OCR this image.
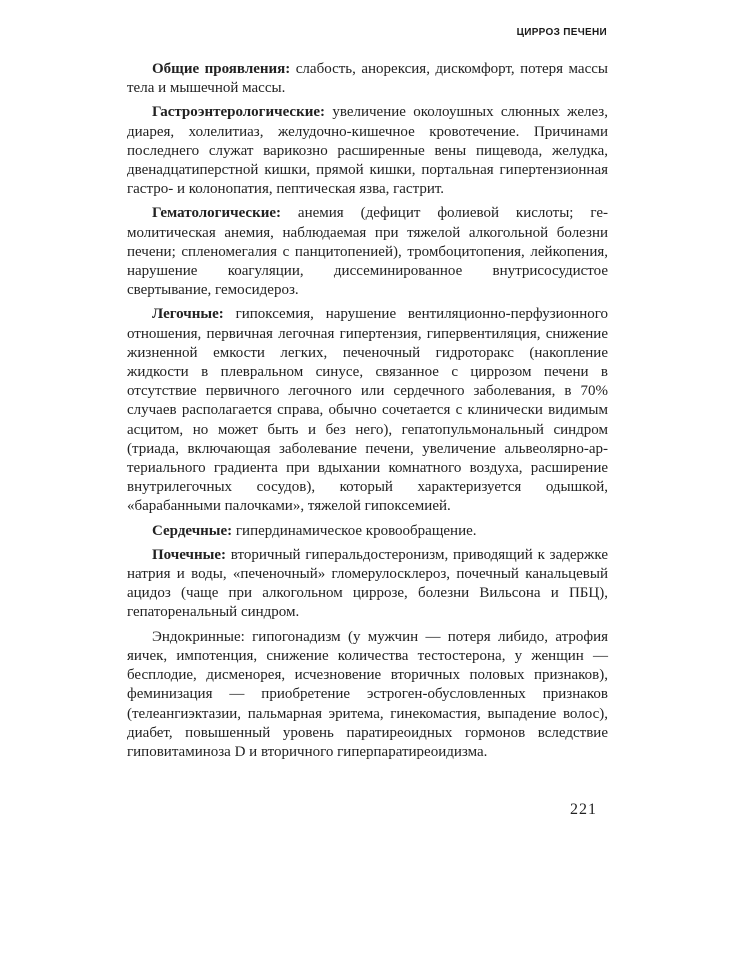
ЦИРРОЗ ПЕЧЕНИ

Общие проявления: слабость, анорексия, дискомфорт, потеря массы тела и мышечной массы.

Гастроэнтерологические: увеличение околоушных слюнных желез, диарея, холелитиаз, желудочно-кишечное кровотечение. Причинами последнего служат варикозно расширенные вены пищевода, желудка, двенадцатиперстной кишки, прямой кишки, портальная гипертензионная гастро- и колонопатия, пептическая язва, гастрит.

Гематологические: анемия (дефицит фолиевой кислоты; гемолитическая анемия, наблюдаемая при тяжелой алкогольной болезни печени; спленомегалия с панцитопенией), тромбоцитопения, лейкопения, нарушение коагуляции, диссеминированное внутрисосудистое свертывание, гемосидероз.

Легочные: гипоксемия, нарушение вентиляционно-перфузионного отношения, первичная легочная гипертензия, гипервентиляция, снижение жизненной емкости легких, печеночный гидроторакс (накопление жидкости в плевральном синусе, связанное с циррозом печени в отсутствие первичного легочного или сердечного заболевания, в 70% случаев располагается справа, обычно сочетается с клинически видимым асцитом, но может быть и без него), гепатопульмональный синдром (триада, включающая заболевание печени, увеличение альвеолярно-артериального градиента при вдыхании комнатного воздуха, расширение внутрилегочных сосудов), который характеризуется одышкой, «барабанными палочками», тяжелой гипоксемией.

Сердечные: гипердинамическое кровообращение.

Почечные: вторичный гиперальдостеронизм, приводящий к задержке натрия и воды, «печеночный» гломерулосклероз, почечный канальцевый ацидоз (чаще при алкогольном циррозе, болезни Вильсона и ПБЦ), гепаторенальный синдром.

Эндокринные: гипогонадизм (у мужчин — потеря либидо, атрофия яичек, импотенция, снижение количества тестостерона, у женщин — бесплодие, дисменорея, исчезновение вторичных половых признаков), феминизация — приобретение эстроген-обусловленных признаков (телеангиэктазии, пальмарная эритема, гинекомастия, выпадение волос), диабет, повышенный уровень паратиреоидных гормонов вследствие гиповитаминоза D и вторичного гиперпаратиреоидизма.

221
